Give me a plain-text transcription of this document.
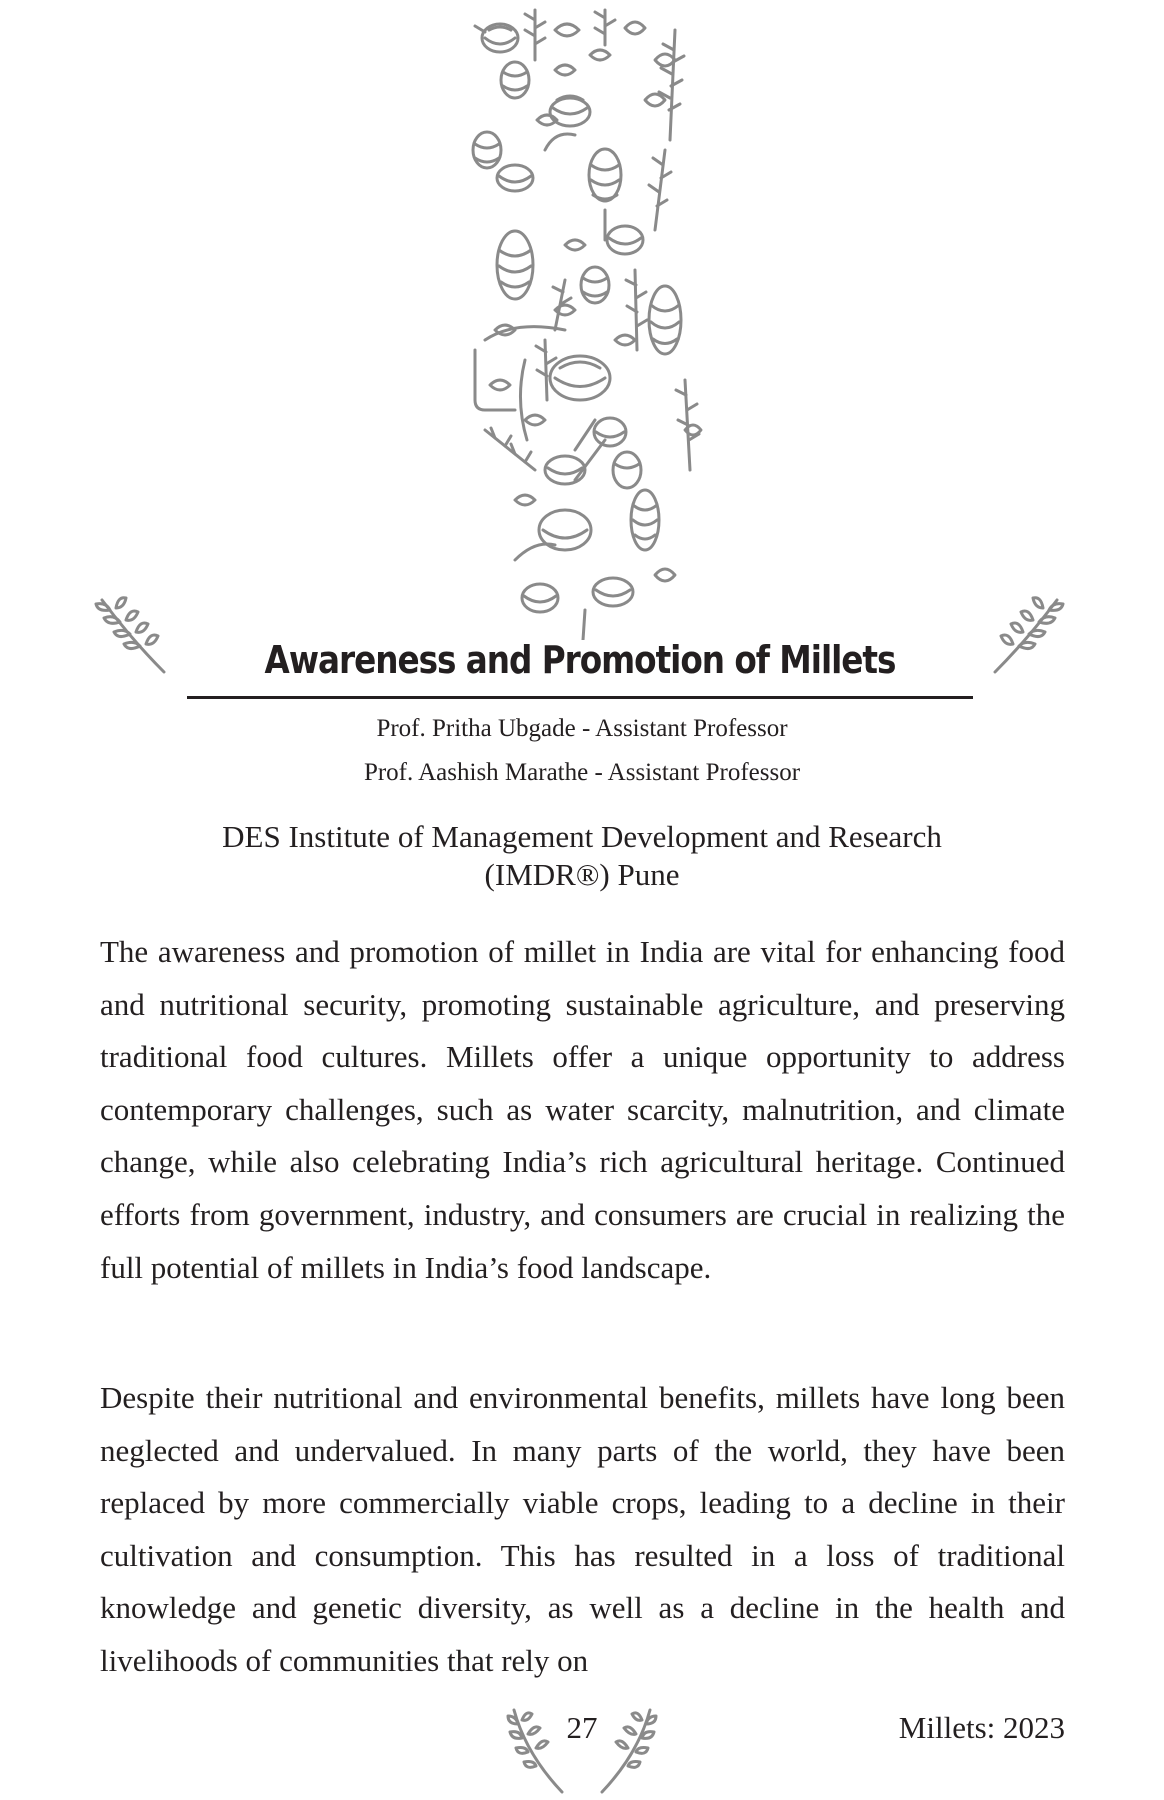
Awareness and Promotion of Millets
Prof. Pritha Ubgade - Assistant Professor
Prof. Aashish Marathe - Assistant Professor
DES Institute of Management Development and Research
(IMDR®) Pune

The awareness and promotion of millet in India are vital for enhancing food and nutritional security, promoting sustainable agriculture, and preserving traditional food cultures. Millets offer a unique opportunity to address contemporary challenges, such as water scarcity, malnutrition, and climate change, while also celebrating India’s rich agricultural heritage. Continued efforts from government, industry, and consumers are crucial in realizing the full potential of millets in India’s food landscape.

Despite their nutritional and environmental benefits, millets have long been neglected and undervalued. In many parts of the world, they have been replaced by more commercially viable crops, leading to a decline in their cultivation and consumption. This has resulted in a loss of traditional knowledge and genetic diversity, as well as a decline in the health and livelihoods of communities that rely on

27	Millets: 2023
